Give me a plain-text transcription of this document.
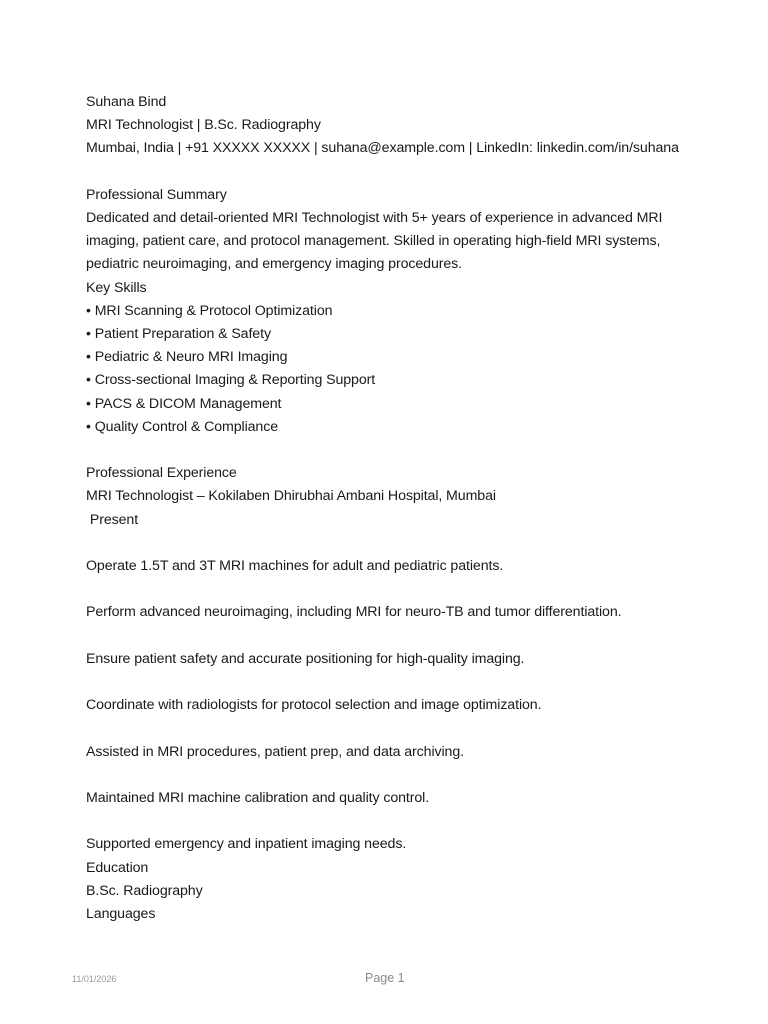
Suhana Bind
MRI Technologist | B.Sc. Radiography
Mumbai, India | +91 XXXXX XXXXX | suhana@example.com | LinkedIn: linkedin.com/in/suhana
Professional Summary
Dedicated and detail-oriented MRI Technologist with 5+ years of experience in advanced MRI
imaging, patient care, and protocol management. Skilled in operating high-field MRI systems,
pediatric neuroimaging, and emergency imaging procedures.
Key Skills
• MRI Scanning & Protocol Optimization
• Patient Preparation & Safety
• Pediatric & Neuro MRI Imaging
• Cross-sectional Imaging & Reporting Support
• PACS & DICOM Management
• Quality Control & Compliance
Professional Experience
MRI Technologist – Kokilaben Dhirubhai Ambani Hospital, Mumbai
Present
Operate 1.5T and 3T MRI machines for adult and pediatric patients.
Perform advanced neuroimaging, including MRI for neuro-TB and tumor differentiation.
Ensure patient safety and accurate positioning for high-quality imaging.
Coordinate with radiologists for protocol selection and image optimization.
Assisted in MRI procedures, patient prep, and data archiving.
Maintained MRI machine calibration and quality control.
Supported emergency and inpatient imaging needs.
Education
B.Sc. Radiography
Languages
11/01/2026	Page 1
